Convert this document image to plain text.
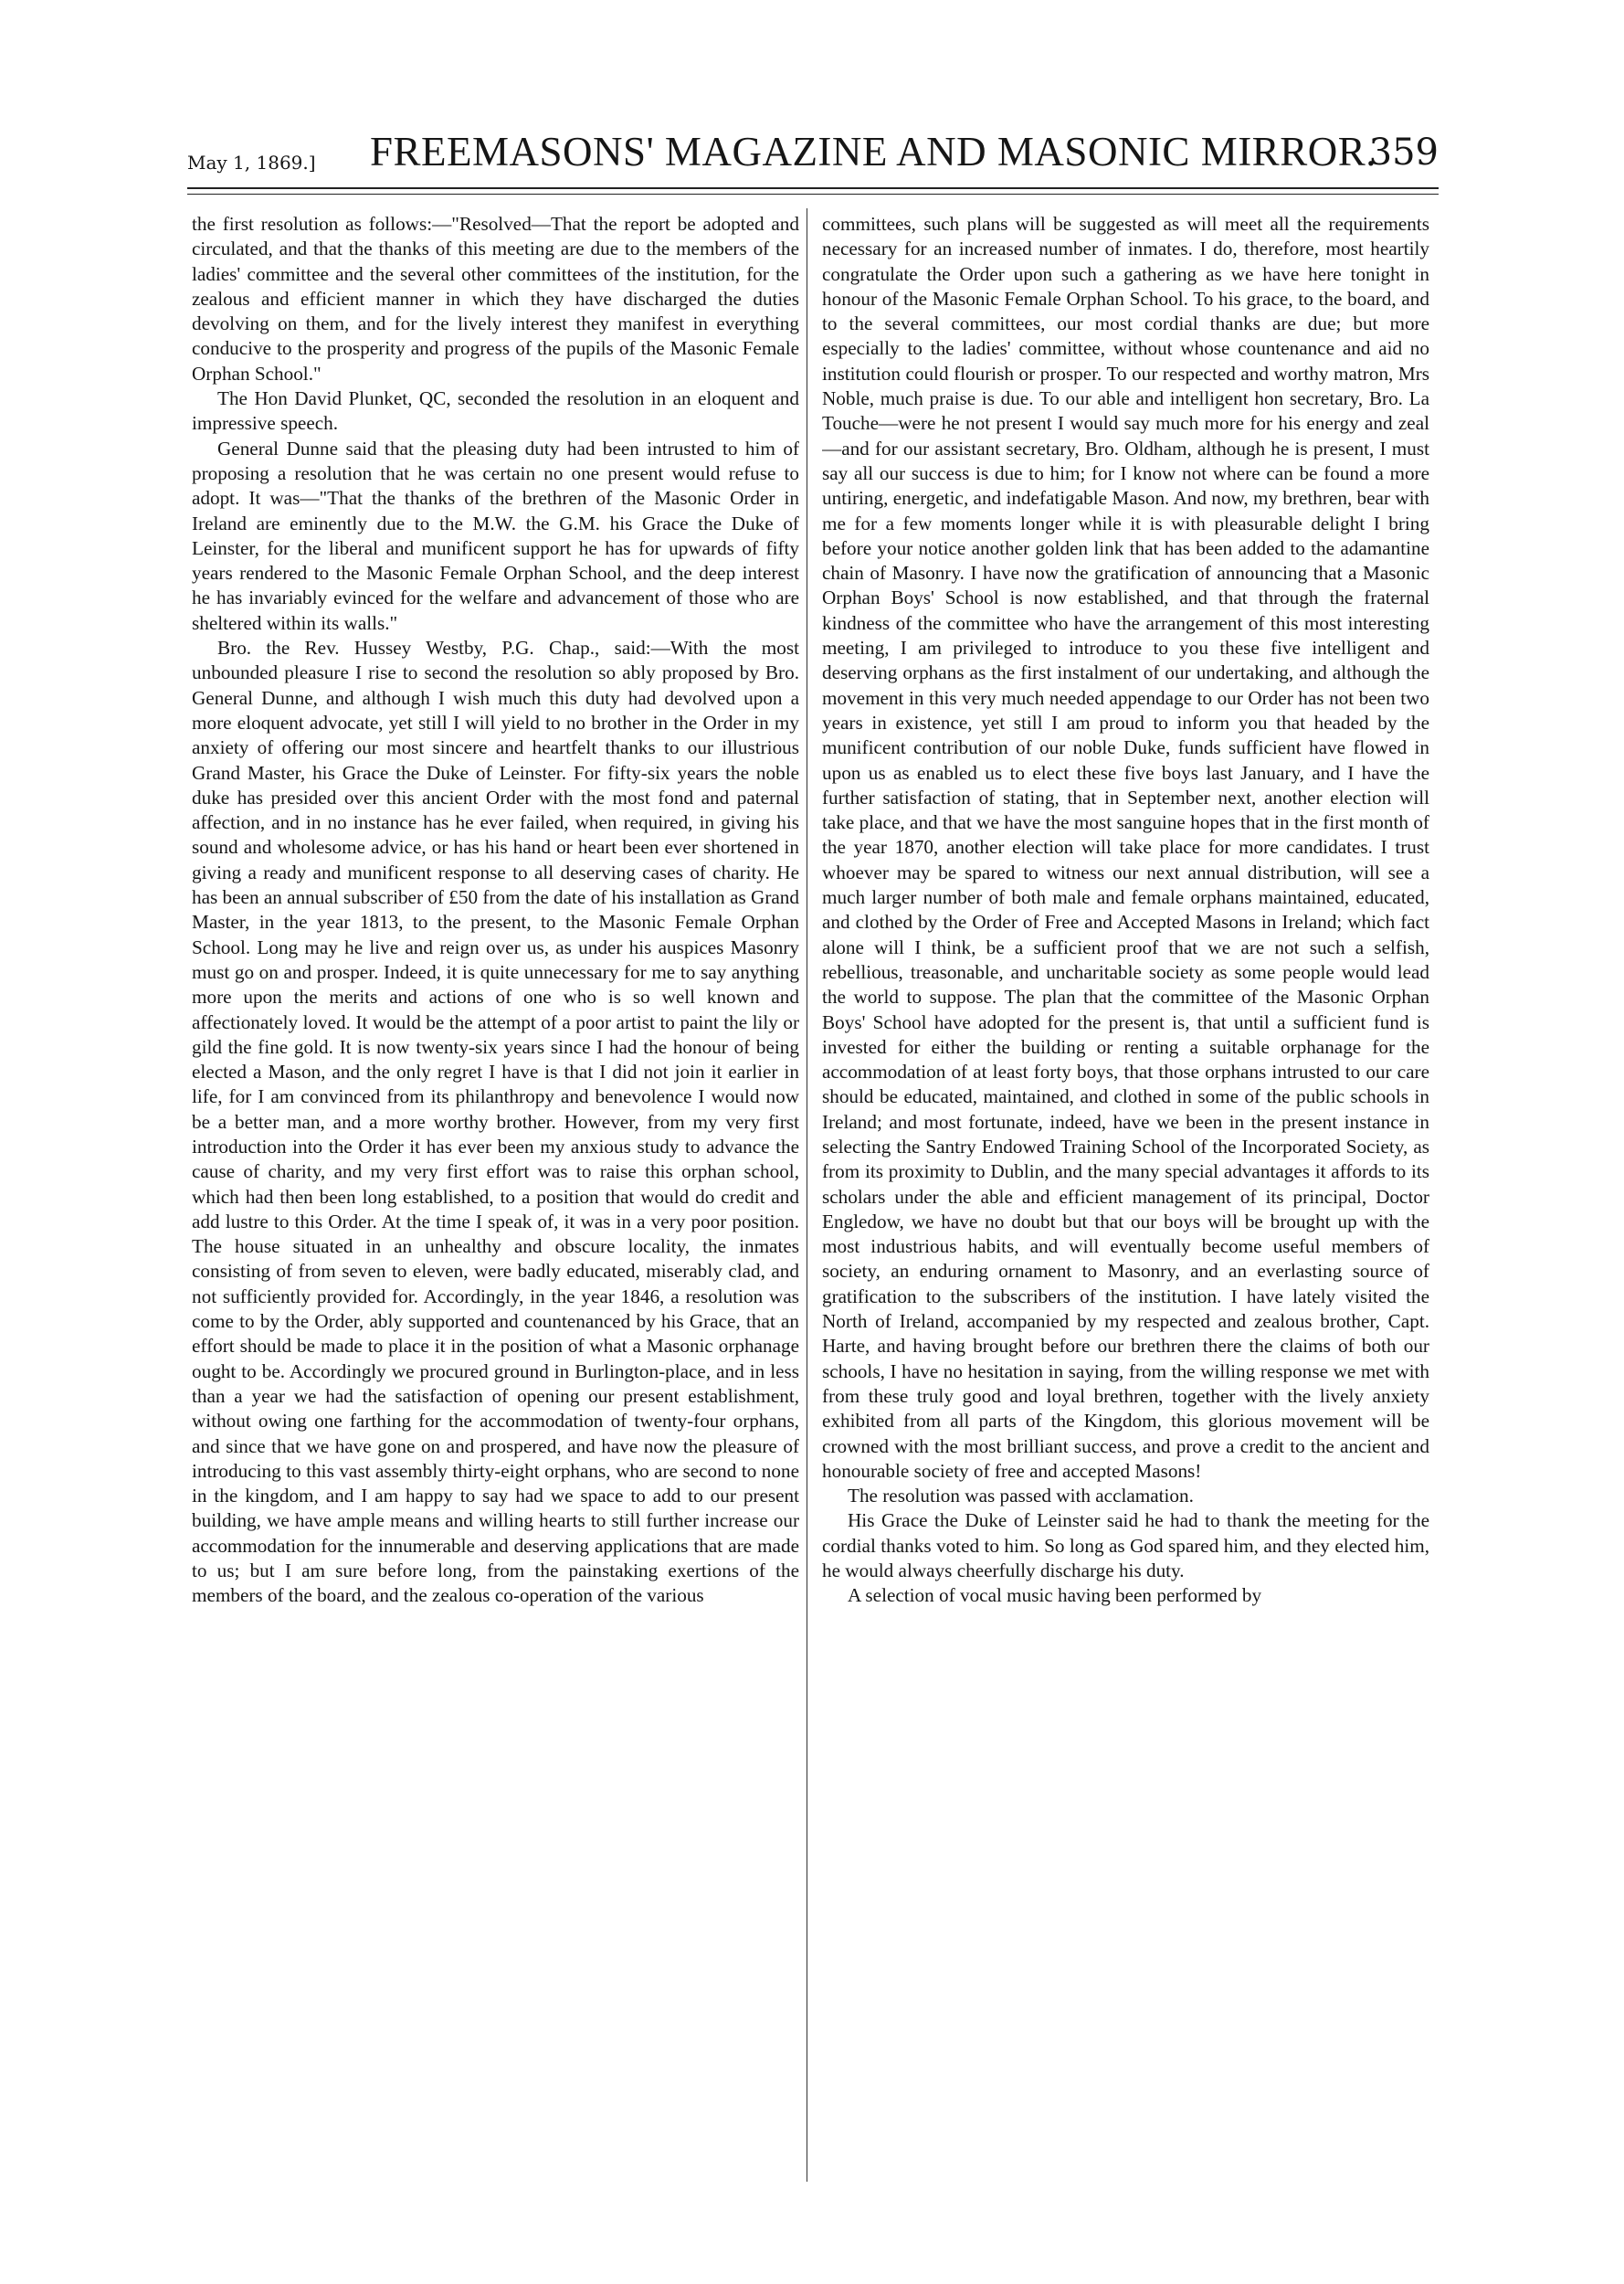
May 1, 1869.] FREEMASONS' MAGAZINE AND MASONIC MIRROR.
359

the first resolution as follows:—"Resolved—That the report be adopted and circulated, and that the thanks of this meeting are due to the members of the ladies' committee and the several other committees of the institution, for the zealous and efficient manner in which they have discharged the duties devolving on them, and for the lively interest they manifest in everything conducive to the prosperity and progress of the pupils of the Masonic Female Orphan School."

The Hon David Plunket, QC, seconded the resolution in an eloquent and impressive speech.

General Dunne said that the pleasing duty had been intrusted to him of proposing a resolution that he was certain no one present would refuse to adopt. It was—"That the thanks of the brethren of the Masonic Order in Ireland are eminently due to the M.W. the G.M. his Grace the Duke of Leinster, for the liberal and munificent support he has for upwards of fifty years rendered to the Masonic Female Orphan School, and the deep interest he has invariably evinced for the welfare and advancement of those who are sheltered within its walls."

Bro. the Rev. Hussey Westby, P.G. Chap., said:—With the most unbounded pleasure I rise to second the resolution so ably proposed by Bro. General Dunne, and although I wish much this duty had devolved upon a more eloquent advocate, yet still I will yield to no brother in the Order in my anxiety of offering our most sincere and heartfelt thanks to our illustrious Grand Master, his Grace the Duke of Leinster. For fifty-six years the noble duke has presided over this ancient Order with the most fond and paternal affection, and in no instance has he ever failed, when required, in giving his sound and wholesome advice, or has his hand or heart been ever shortened in giving a ready and munificent response to all deserving cases of charity. He has been an annual subscriber of £50 from the date of his installation as Grand Master, in the year 1813, to the present, to the Masonic Female Orphan School. Long may he live and reign over us, as under his auspices Masonry must go on and prosper. Indeed, it is quite unnecessary for me to say anything more upon the merits and actions of one who is so well known and affectionately loved. It would be the attempt of a poor artist to paint the lily or gild the fine gold. It is now twenty-six years since I had the honour of being elected a Mason, and the only regret I have is that I did not join it earlier in life, for I am convinced from its philanthropy and benevolence I would now be a better man, and a more worthy brother. However, from my very first introduction into the Order it has ever been my anxious study to advance the cause of charity, and my very first effort was to raise this orphan school, which had then been long established, to a position that would do credit and add lustre to this Order. At the time I speak of, it was in a very poor position. The house situated in an unhealthy and obscure locality, the inmates consisting of from seven to eleven, were badly educated, miserably clad, and not sufficiently provided for. Accordingly, in the year 1846, a resolution was come to by the Order, ably supported and countenanced by his Grace, that an effort should be made to place it in the position of what a Masonic orphanage ought to be. Accordingly we procured ground in Burlington-place, and in less than a year we had the satisfaction of opening our present establishment, without owing one farthing for the accommodation of twenty-four orphans, and since that we have gone on and prospered, and have now the pleasure of introducing to this vast assembly thirty-eight orphans, who are second to none in the kingdom, and I am happy to say had we space to add to our present building, we have ample means and willing hearts to still further increase our accommodation for the innumerable and deserving applications that are made to us; but I am sure before long, from the painstaking exertions of the members of the board, and the zealous co-operation of the various

committees, such plans will be suggested as will meet all the requirements necessary for an increased number of inmates. I do, therefore, most heartily congratulate the Order upon such a gathering as we have here tonight in honour of the Masonic Female Orphan School. To his grace, to the board, and to the several committees, our most cordial thanks are due; but more especially to the ladies' committee, without whose countenance and aid no institution could flourish or prosper. To our respected and worthy matron, Mrs Noble, much praise is due. To our able and intelligent hon secretary, Bro. La Touche—were he not present I would say much more for his energy and zeal—and for our assistant secretary, Bro. Oldham, although he is present, I must say all our success is due to him; for I know not where can be found a more untiring, energetic, and indefatigable Mason. And now, my brethren, bear with me for a few moments longer while it is with pleasurable delight I bring before your notice another golden link that has been added to the adamantine chain of Masonry. I have now the gratification of announcing that a Masonic Orphan Boys' School is now established, and that through the fraternal kindness of the committee who have the arrangement of this most interesting meeting, I am privileged to introduce to you these five intelligent and deserving orphans as the first instalment of our undertaking, and although the movement in this very much needed appendage to our Order has not been two years in existence, yet still I am proud to inform you that headed by the munificent contribution of our noble Duke, funds sufficient have flowed in upon us as enabled us to elect these five boys last January, and I have the further satisfaction of stating, that in September next, another election will take place, and that we have the most sanguine hopes that in the first month of the year 1870, another election will take place for more candidates. I trust whoever may be spared to witness our next annual distribution, will see a much larger number of both male and female orphans maintained, educated, and clothed by the Order of Free and Accepted Masons in Ireland; which fact alone will I think, be a sufficient proof that we are not such a selfish, rebellious, treasonable, and uncharitable society as some people would lead the world to suppose. The plan that the committee of the Masonic Orphan Boys' School have adopted for the present is, that until a sufficient fund is invested for either the building or renting a suitable orphanage for the accommodation of at least forty boys, that those orphans intrusted to our care should be educated, maintained, and clothed in some of the public schools in Ireland; and most fortunate, indeed, have we been in the present instance in selecting the Santry Endowed Training School of the Incorporated Society, as from its proximity to Dublin, and the many special advantages it affords to its scholars under the able and efficient management of its principal, Doctor Engledow, we have no doubt but that our boys will be brought up with the most industrious habits, and will eventually become useful members of society, an enduring ornament to Masonry, and an everlasting source of gratification to the subscribers of the institution. I have lately visited the North of Ireland, accompanied by my respected and zealous brother, Capt. Harte, and having brought before our brethren there the claims of both our schools, I have no hesitation in saying, from the willing response we met with from these truly good and loyal brethren, together with the lively anxiety exhibited from all parts of the Kingdom, this glorious movement will be crowned with the most brilliant success, and prove a credit to the ancient and honourable society of free and accepted Masons!

The resolution was passed with acclamation.

His Grace the Duke of Leinster said he had to thank the meeting for the cordial thanks voted to him. So long as God spared him, and they elected him, he would always cheerfully discharge his duty.

A selection of vocal music having been performed by
